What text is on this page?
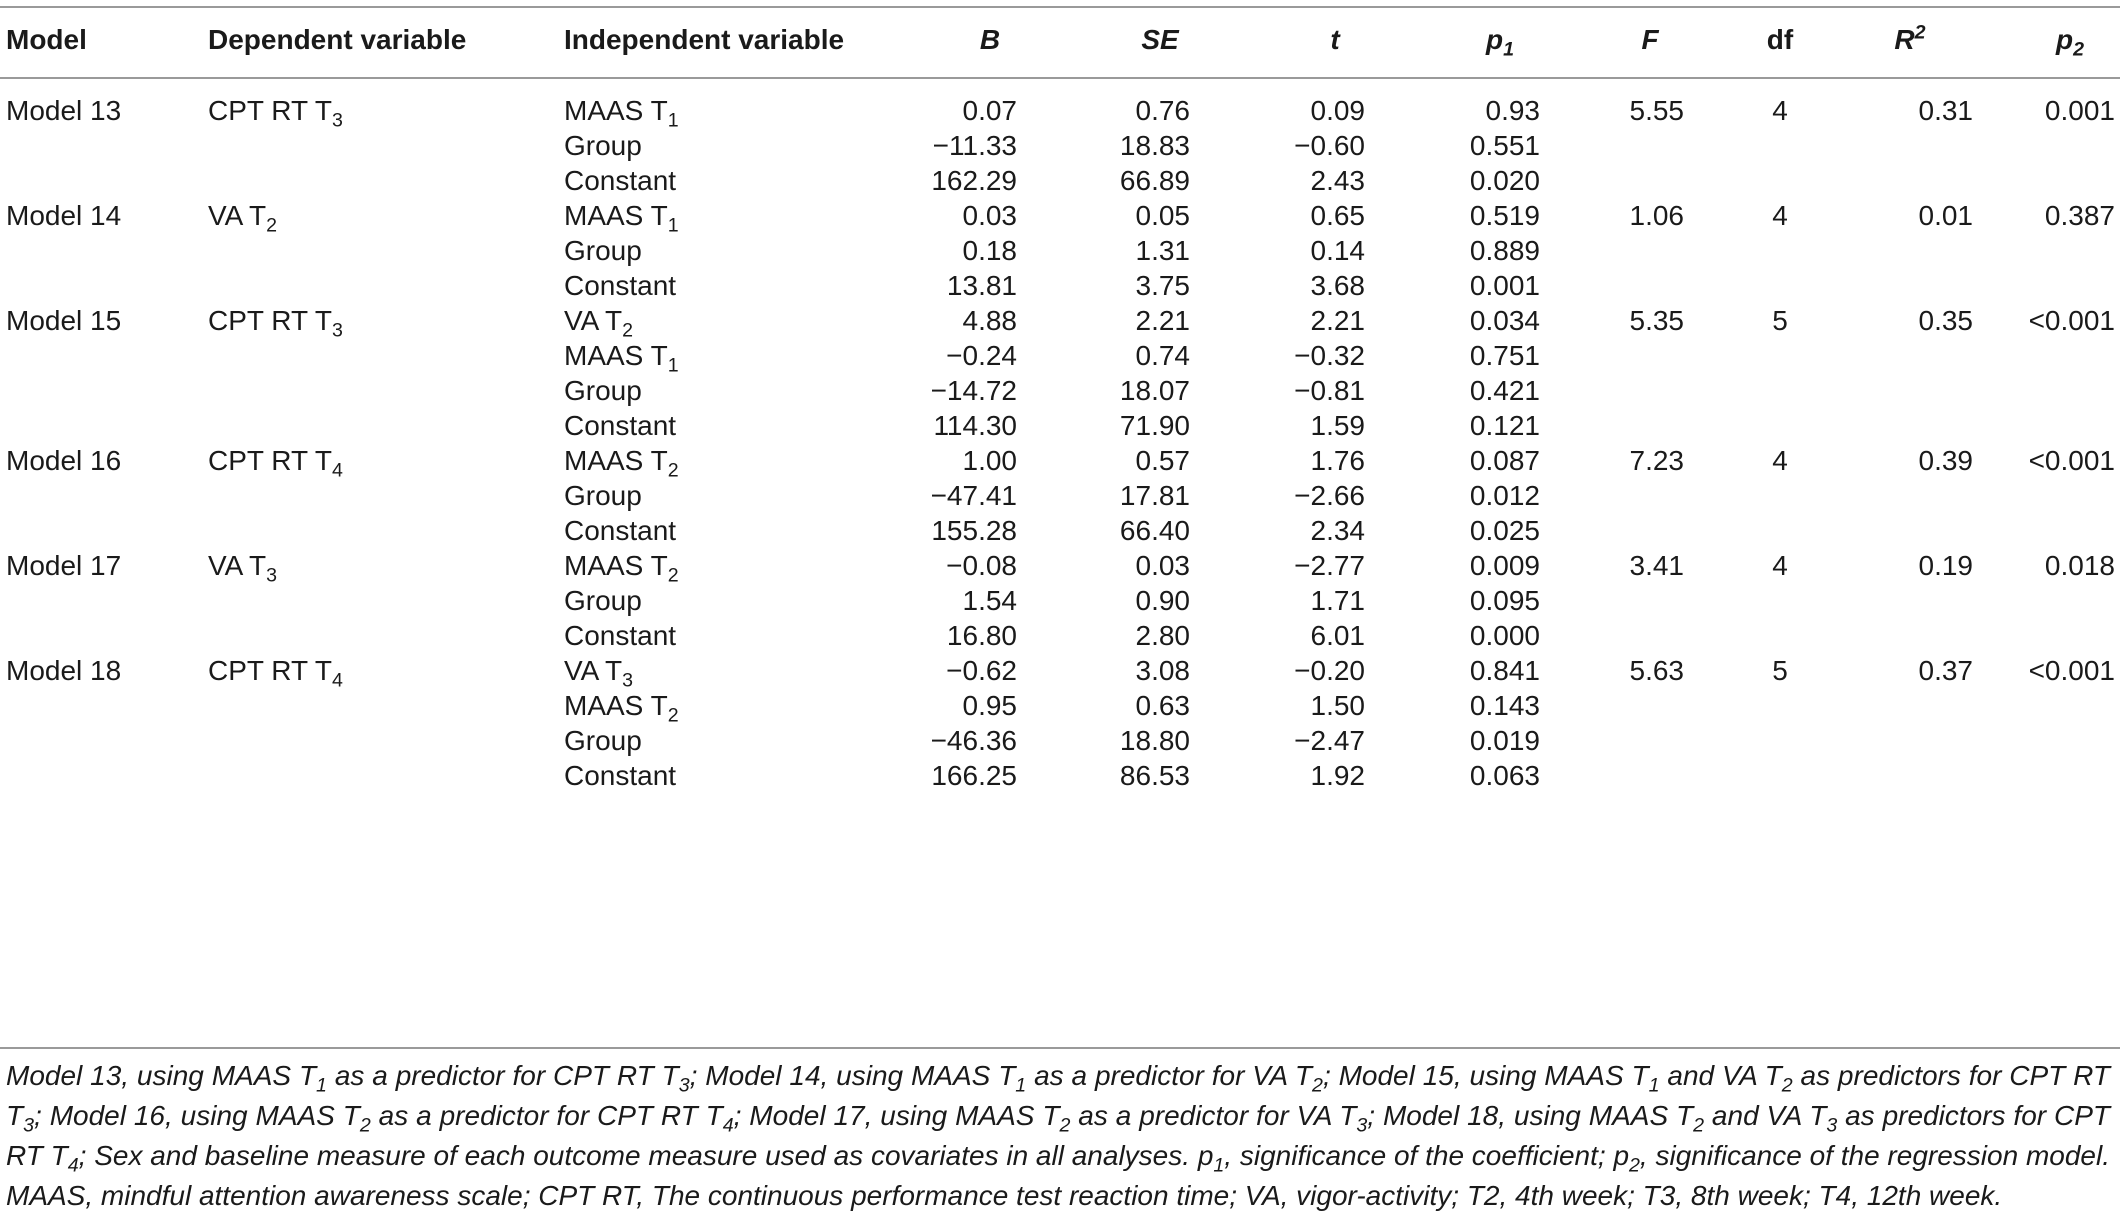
Model	Dependent variable	Independent variable	B	SE	t	$p_1$	F	df	$R^2$	$p_2$
Model 13	CPT RT $T_3$	MAAS $T_1$	0.07	0.76	0.09	0.93	5.55	4	0.31	0.001
Group	−11.33	18.83	−0.60	0.551
Constant	162.29	66.89	2.43	0.020
Model 14	VA $T_2$	MAAS $T_1$	0.03	0.05	0.65	0.519	1.06	4	0.01	0.387
Group	0.18	1.31	0.14	0.889
Constant	13.81	3.75	3.68	0.001
Model 15	CPT RT $T_3$	VA $T_2$	4.88	2.21	2.21	0.034	5.35	5	0.35	<0.001
MAAS $T_1$	−0.24	0.74	−0.32	0.751
Group	−14.72	18.07	−0.81	0.421
Constant	114.30	71.90	1.59	0.121
Model 16	CPT RT $T_4$	MAAS $T_2$	1.00	0.57	1.76	0.087	7.23	4	0.39	<0.001
Group	−47.41	17.81	−2.66	0.012
Constant	155.28	66.40	2.34	0.025
Model 17	VA $T_3$	MAAS $T_2$	−0.08	0.03	−2.77	0.009	3.41	4	0.19	0.018
Group	1.54	0.90	1.71	0.095
Constant	16.80	2.80	6.01	0.000
Model 18	CPT RT $T_4$	VA $T_3$	−0.62	3.08	−0.20	0.841	5.63	5	0.37	<0.001
MAAS $T_2$	0.95	0.63	1.50	0.143
Group	−46.36	18.80	−2.47	0.019
Constant	166.25	86.53	1.92	0.063
Model 13, using MAAS $T_1$ as a predictor for CPT RT $T_3$; Model 14, using MAAS $T_1$ as a predictor for VA $T_2$; Model 15, using MAAS $T_1$ and VA $T_2$ as predictors for CPT RT $T_3$; Model 16, using MAAS $T_2$ as a predictor for CPT RT $T_4$; Model 17, using MAAS $T_2$ as a predictor for VA $T_3$; Model 18, using MAAS $T_2$ and VA $T_3$ as predictors for CPT RT $T_4$; Sex and baseline measure of each outcome measure used as covariates in all analyses. $p_1$, significance of the coefficient; $p_2$, significance of the regression model. MAAS, mindful attention awareness scale; CPT RT, The continuous performance test reaction time; VA, vigor-activity; T2, 4th week; T3, 8th week; T4, 12th week.
